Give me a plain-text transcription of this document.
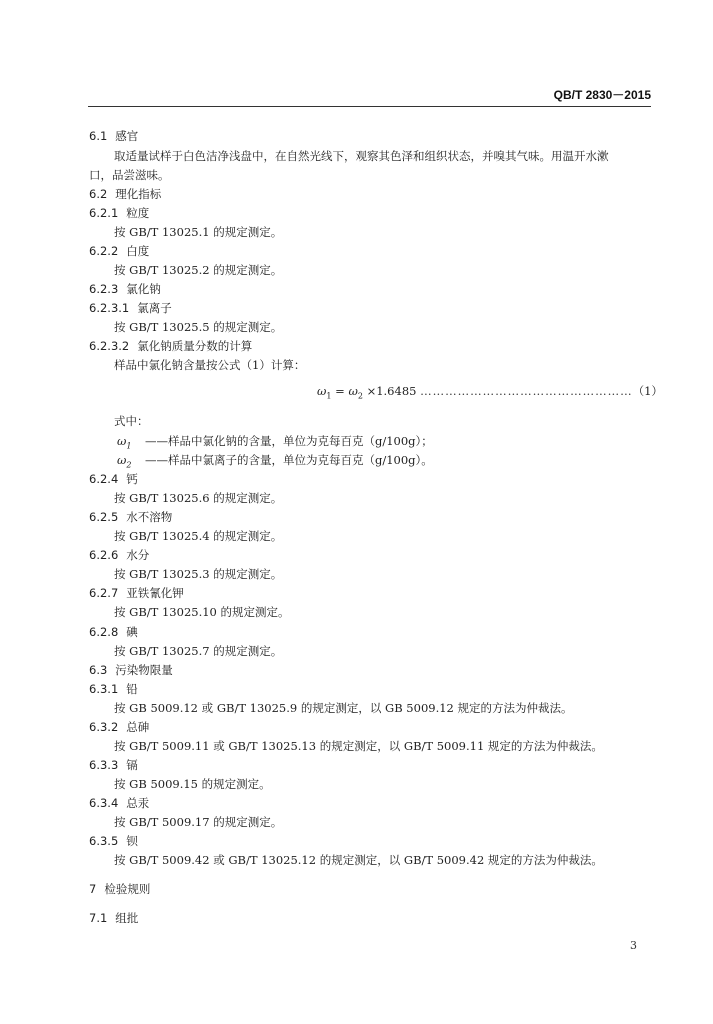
QB/T 2830－2015
6.1 感官
取适量试样于白色洁净浅盘中，在自然光线下，观察其色泽和组织状态，并嗅其气味。用温开水漱
口，品尝滋味。
6.2 理化指标
6.2.1 粒度
按 GB/T 13025.1 的规定测定。
6.2.2 白度
按 GB/T 13025.2 的规定测定。
6.2.3 氯化钠
6.2.3.1 氯离子
按 GB/T 13025.5 的规定测定。
6.2.3.2 氯化钠质量分数的计算
样品中氯化钠含量按公式（1）计算：
$\omega_1 = \omega_2 \times 1.6485$ ……………………………………………（1）
式中：
$\omega_1$ ——样品中氯化钠的含量，单位为克每百克（g/100g）；
$\omega_2$ ——样品中氯离子的含量，单位为克每百克（g/100g）。
6.2.4 钙
按 GB/T 13025.6 的规定测定。
6.2.5 水不溶物
按 GB/T 13025.4 的规定测定。
6.2.6 水分
按 GB/T 13025.3 的规定测定。
6.2.7 亚铁氰化钾
按 GB/T 13025.10 的规定测定。
6.2.8 碘
按 GB/T 13025.7 的规定测定。
6.3 污染物限量
6.3.1 铅
按 GB 5009.12 或 GB/T 13025.9 的规定测定，以 GB 5009.12 规定的方法为仲裁法。
6.3.2 总砷
按 GB/T 5009.11 或 GB/T 13025.13 的规定测定，以 GB/T 5009.11 规定的方法为仲裁法。
6.3.3 镉
按 GB 5009.15 的规定测定。
6.3.4 总汞
按 GB/T 5009.17 的规定测定。
6.3.5 钡
按 GB/T 5009.42 或 GB/T 13025.12 的规定测定，以 GB/T 5009.42 规定的方法为仲裁法。
7 检验规则
7.1 组批
3
